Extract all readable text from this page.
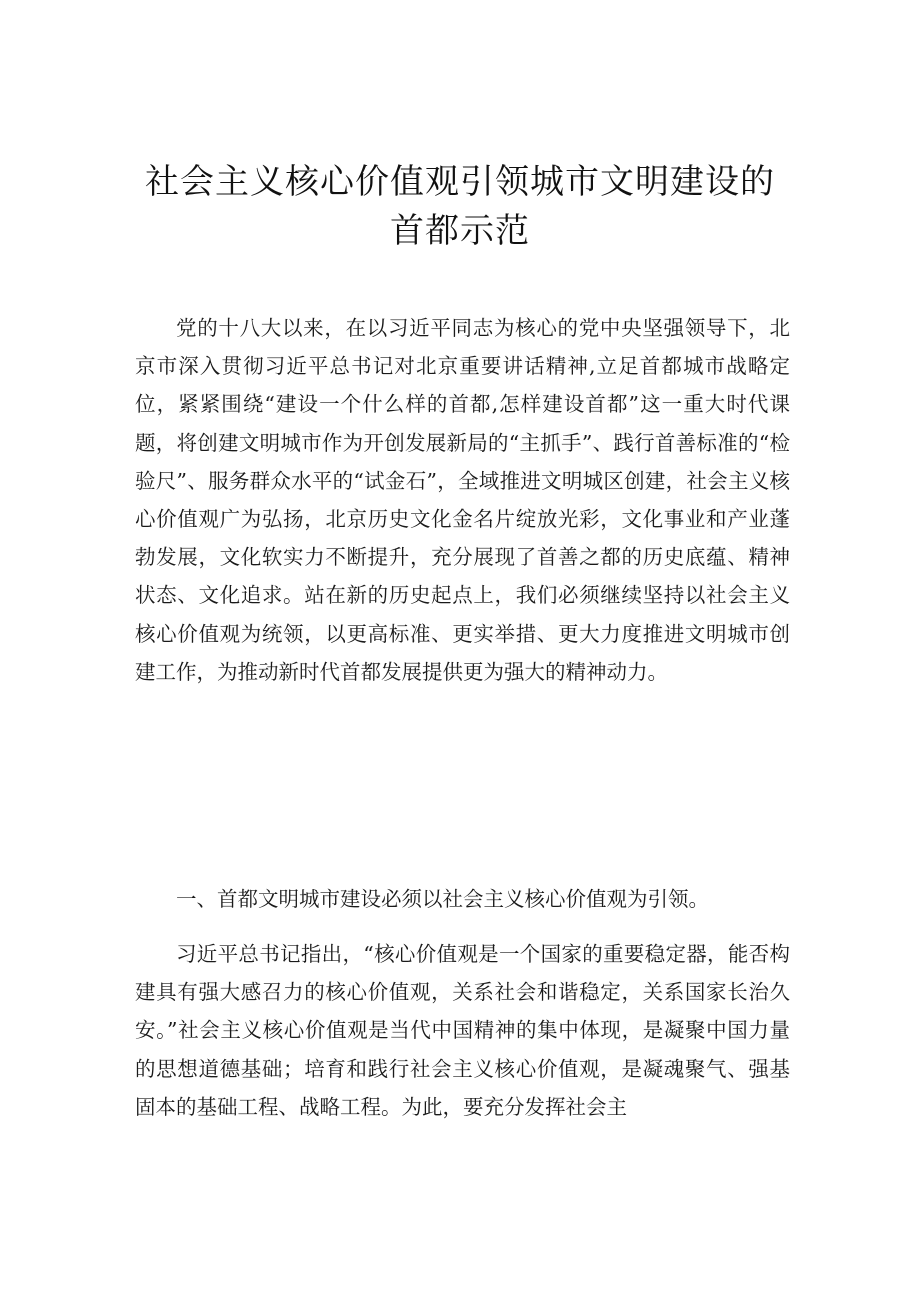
社会主义核心价值观引领城市文明建设的
首都示范

党的十八大以来，在以习近平同志为核心的党中央坚强领导下，北京市深入贯彻习近平总书记对北京重要讲话精神,立足首都城市战略定位，紧紧围绕“建设一个什么样的首都,怎样建设首都”这一重大时代课题，将创建文明城市作为开创发展新局的“主抓手”、践行首善标准的“检验尺”、服务群众水平的“试金石”，全域推进文明城区创建，社会主义核心价值观广为弘扬，北京历史文化金名片绽放光彩，文化事业和产业蓬勃发展，文化软实力不断提升，充分展现了首善之都的历史底蕴、精神状态、文化追求。站在新的历史起点上，我们必须继续坚持以社会主义核心价值观为统领，以更高标准、更实举措、更大力度推进文明城市创建工作，为推动新时代首都发展提供更为强大的精神动力。

一、首都文明城市建设必须以社会主义核心价值观为引领。

习近平总书记指出，“核心价值观是一个国家的重要稳定器，能否构建具有强大感召力的核心价值观，关系社会和谐稳定，关系国家长治久安。”社会主义核心价值观是当代中国精神的集中体现，是凝聚中国力量的思想道德基础；培育和践行社会主义核心价值观，是凝魂聚气、强基固本的基础工程、战略工程。为此，要充分发挥社会主
